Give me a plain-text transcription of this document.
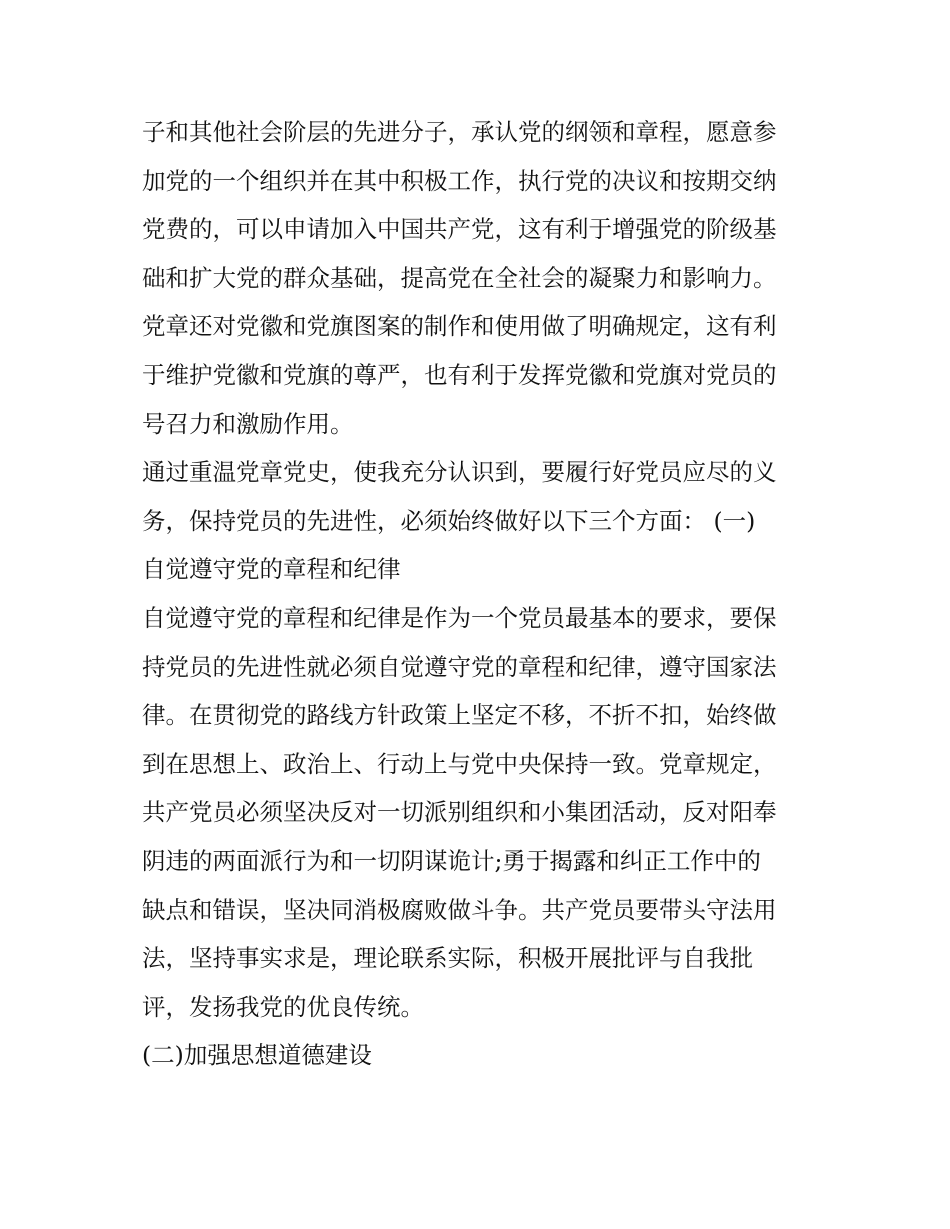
子和其他社会阶层的先进分子，承认党的纲领和章程，愿意参
加党的一个组织并在其中积极工作，执行党的决议和按期交纳
党费的，可以申请加入中国共产党，这有利于增强党的阶级基
础和扩大党的群众基础，提高党在全社会的凝聚力和影响力。
党章还对党徽和党旗图案的制作和使用做了明确规定，这有利
于维护党徽和党旗的尊严，也有利于发挥党徽和党旗对党员的
号召力和激励作用。
通过重温党章党史，使我充分认识到，要履行好党员应尽的义
务，保持党员的先进性，必须始终做好以下三个方面： (一)
自觉遵守党的章程和纪律
自觉遵守党的章程和纪律是作为一个党员最基本的要求，要保
持党员的先进性就必须自觉遵守党的章程和纪律，遵守国家法
律。在贯彻党的路线方针政策上坚定不移，不折不扣，始终做
到在思想上、政治上、行动上与党中央保持一致。党章规定，
共产党员必须坚决反对一切派别组织和小集团活动，反对阳奉
阴违的两面派行为和一切阴谋诡计;勇于揭露和纠正工作中的
缺点和错误，坚决同消极腐败做斗争。共产党员要带头守法用
法，坚持事实求是，理论联系实际，积极开展批评与自我批
评，发扬我党的优良传统。
(二)加强思想道德建设
